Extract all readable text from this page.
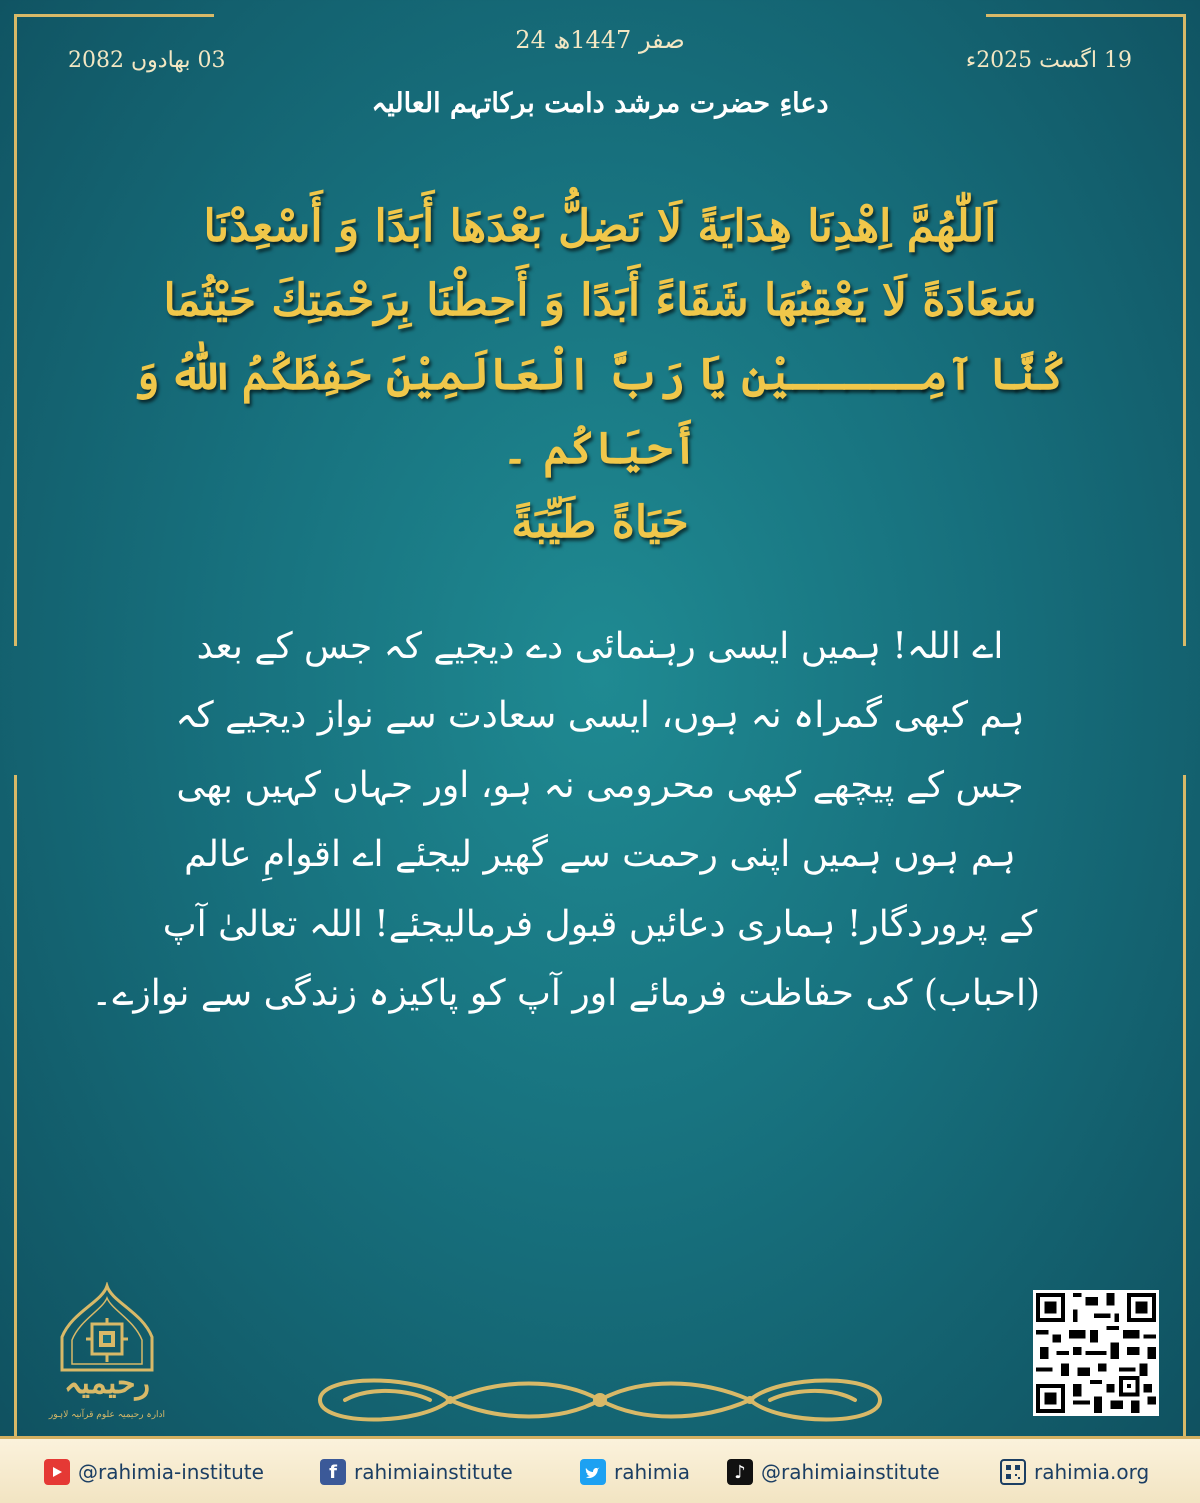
24 صفر 1447ھ
19 اگست 2025ء
03 بھادوں 2082
دعاءِ حضرت مرشد دامت برکاتہم العالیہ
اَللّٰهُمَّ اِهْدِنَا هِدَايَةً لَا نَضِلُّ بَعْدَهَا أَبَدًا وَ أَسْعِدْنَا
سَعَادَةً لَا يَعْقِبُهَا شَقَاءً أَبَدًا وَ أَحِطْنَا بِرَحْمَتِكَ حَيْثُمَا
كُنَّا آمِـــــيْن يَا رَبَّ الْعَالَمِيْنَ حَفِظَكُمُ اللّٰهُ وَ أَحيَاكُم ۔
حَيَاةً طَيِّبَةً
اے اللہ! ہمیں ایسی رہنمائی دے دیجیے کہ جس کے بعد
ہم کبھی گمراہ نہ ہوں، ایسی سعادت سے نواز دیجیے کہ
جس کے پیچھے کبھی محرومی نہ ہو، اور جہاں کہیں بھی
ہم ہوں ہمیں اپنی رحمت سے گھیر لیجئے اے اقوامِ عالم
کے پروردگار! ہماری دعائیں قبول فرمالیجئے! اللہ تعالیٰ آپ
(احباب) کی حفاظت فرمائے اور آپ کو پاکیزہ زندگی سے نوازے۔
رحیمیہ
ادارہ رحیمیہ علوم قرآنیہ لاہور
@rahimia-institute	f rahimiainstitute	rahimia	♪ @rahimiainstitute	rahimia.org
